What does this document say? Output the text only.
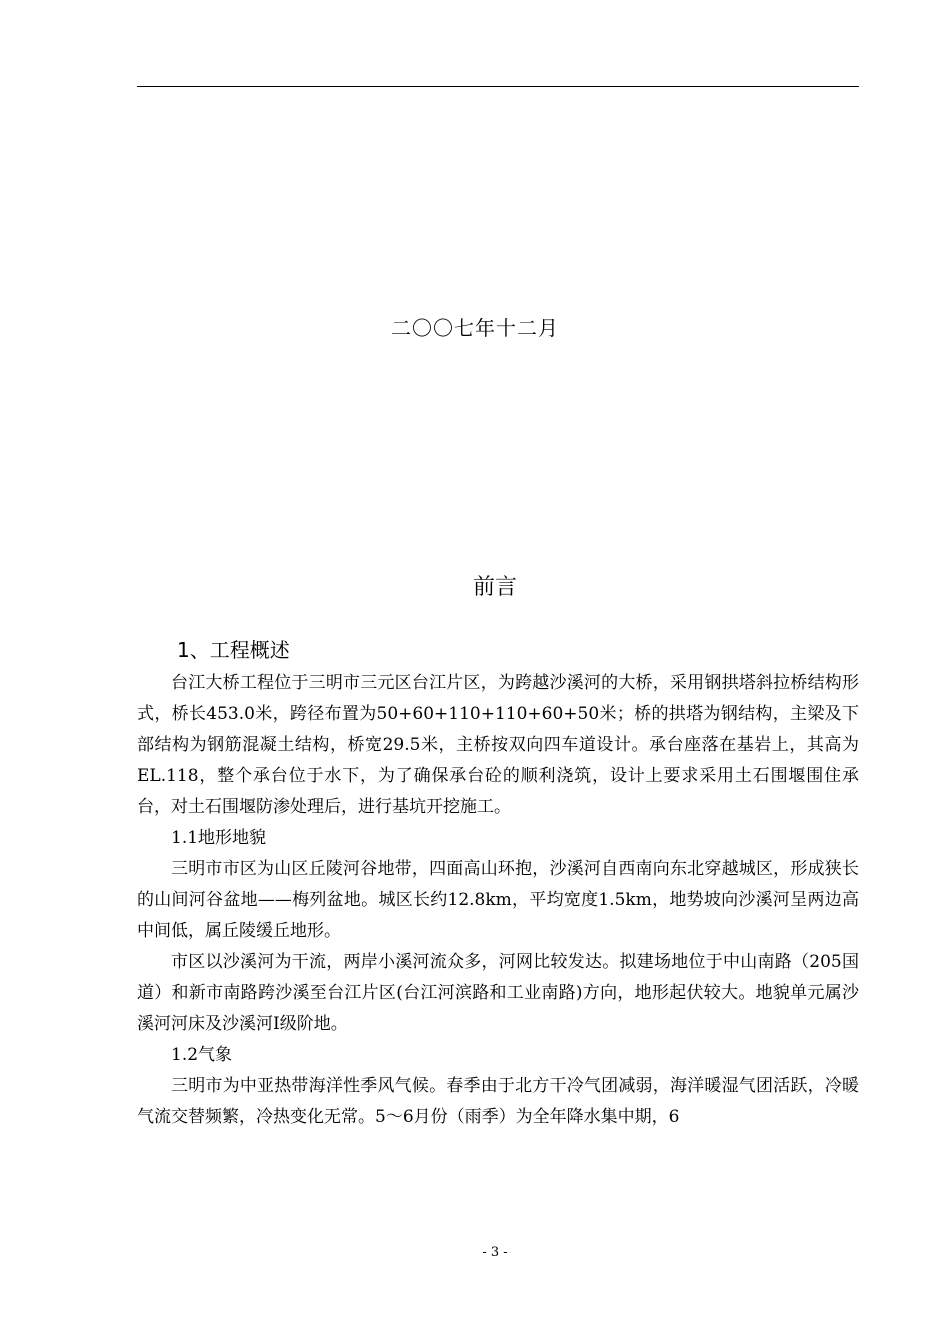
二〇〇七年十二月
前言
1、工程概述

台江大桥工程位于三明市三元区台江片区，为跨越沙溪河的大桥，采用钢拱塔斜拉桥结构形式，桥长453.0米，跨径布置为50+60+110+110+60+50米；桥的拱塔为钢结构，主梁及下部结构为钢筋混凝土结构，桥宽29.5米，主桥按双向四车道设计。承台座落在基岩上，其高为EL.118，整个承台位于水下，为了确保承台砼的顺利浇筑，设计上要求采用土石围堰围住承台，对土石围堰防渗处理后，进行基坑开挖施工。

1.1地形地貌

三明市市区为山区丘陵河谷地带，四面高山环抱，沙溪河自西南向东北穿越城区，形成狭长的山间河谷盆地——梅列盆地。城区长约12.8km，平均宽度1.5km，地势坡向沙溪河呈两边高中间低，属丘陵缓丘地形。

市区以沙溪河为干流，两岸小溪河流众多，河网比较发达。拟建场地位于中山南路（205国道）和新市南路跨沙溪至台江片区(台江河滨路和工业南路)方向，地形起伏较大。地貌单元属沙溪河河床及沙溪河Ⅰ级阶地。

1.2气象

三明市为中亚热带海洋性季风气候。春季由于北方干冷气团减弱，海洋暖湿气团活跃，冷暖气流交替频繁，冷热变化无常。5～6月份（雨季）为全年降水集中期，6

- 3 -
